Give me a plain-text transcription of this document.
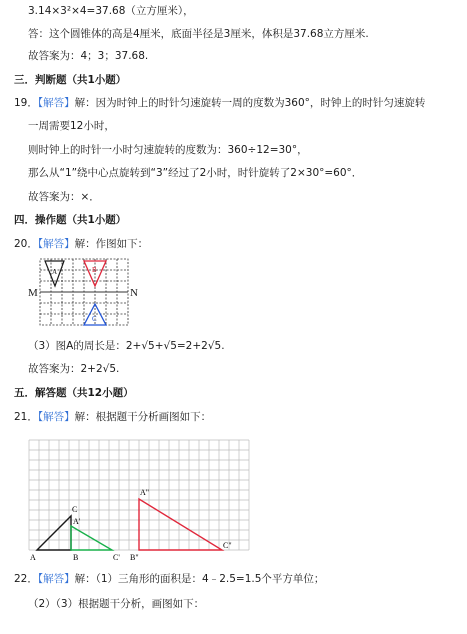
3.14×3²×4=37.68（立方厘米），
答：这个圆锥体的高是4厘米，底面半径是3厘米，体积是37.68立方厘米.
故答案为：4；3；37.68.
三．判断题（共1小题）
19．【解答】解：因为时钟上的时针匀速旋转一周的度数为360°，时钟上的时针匀速旋转
一周需要12小时，
则时钟上的时针一小时匀速旋转的度数为：360÷12=30°，
那么从“1”绕中心点旋转到“3”经过了2小时，时针旋转了2×30°=60°．
故答案为：×．
四．操作题（共1小题）
20．【解答】解：作图如下：
A	B
C
M	N
（3）图A的周长是：2+√5+√5=2+2√5.
故答案为：2+2√5.
五．解答题（共12小题）
21．【解答】解：根据题干分析画图如下：
A	B
C
A'
C'
A"
B"
C"
22．【解答】解：（1）三角形的面积是：4﹣2.5=1.5个平方单位；
（2）（3）根据题干分析，画图如下：
